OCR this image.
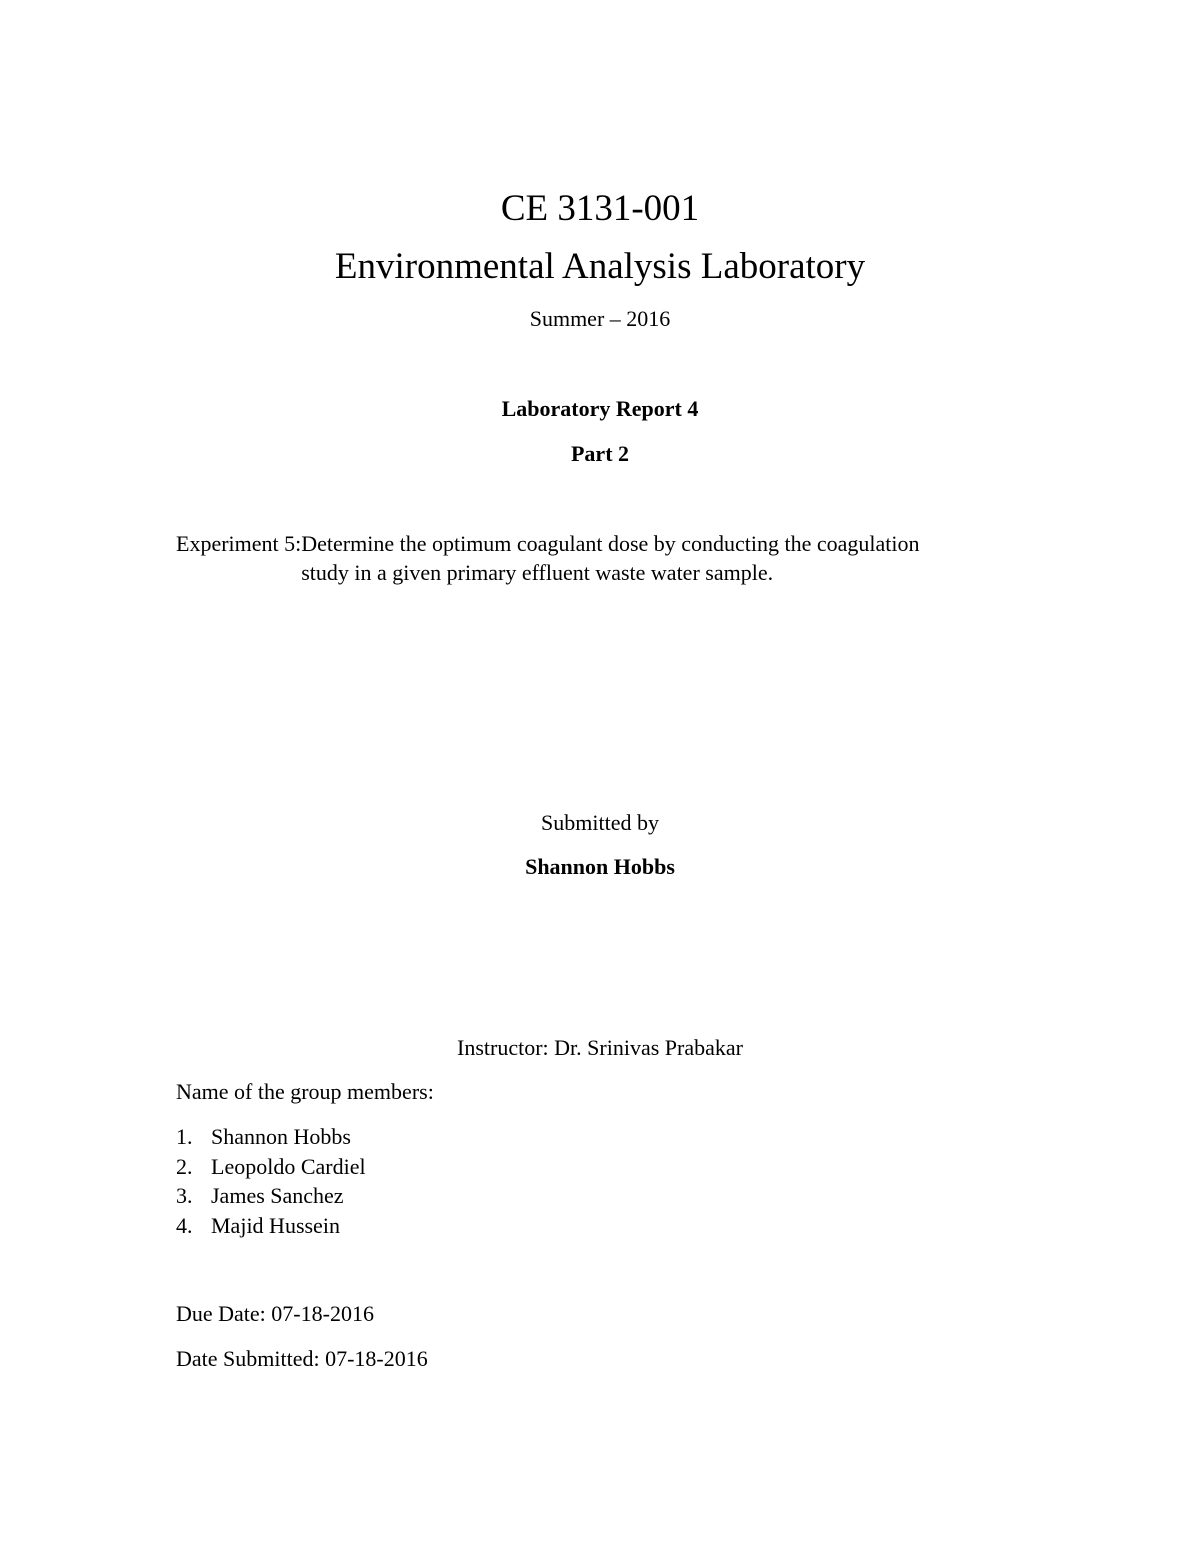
CE 3131-001
Environmental Analysis Laboratory
Summer – 2016
Laboratory Report 4
Part 2
Experiment 5:Determine the optimum coagulant dose by conducting the coagulation study in a given primary effluent waste water sample.
Submitted by
Shannon Hobbs
Instructor: Dr. Srinivas Prabakar
Name of the group members:
1. Shannon Hobbs
2. Leopoldo Cardiel
3. James Sanchez
4. Majid Hussein
Due Date: 07-18-2016
Date Submitted: 07-18-2016
